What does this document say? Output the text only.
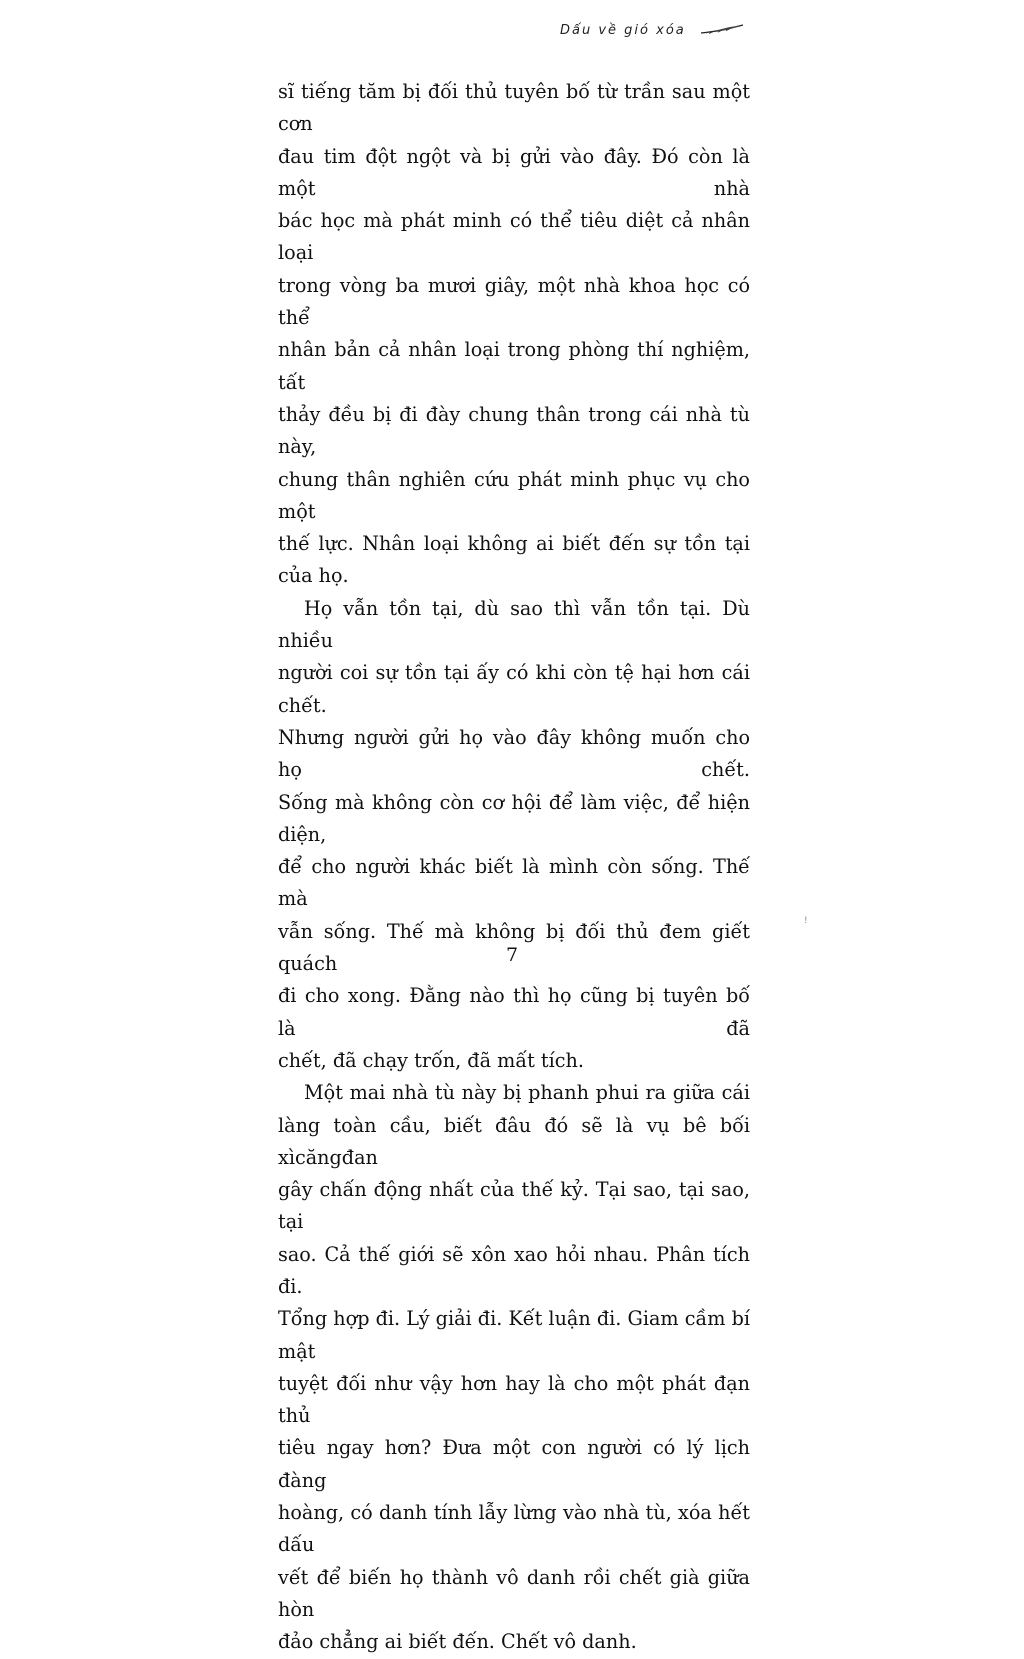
Dấu về gió xóa

sĩ tiếng tăm bị đối thủ tuyên bố từ trần sau một cơn

đau tim đột ngột và bị gửi vào đây. Đó còn là một nhà

bác học mà phát minh có thể tiêu diệt cả nhân loại

trong vòng ba mươi giây, một nhà khoa học có thể

nhân bản cả nhân loại trong phòng thí nghiệm, tất

thảy đều bị đi đày chung thân trong cái nhà tù này,

chung thân nghiên cứu phát minh phục vụ cho một

thế lực. Nhân loại không ai biết đến sự tồn tại của họ.

Họ vẫn tồn tại, dù sao thì vẫn tồn tại. Dù nhiều

người coi sự tồn tại ấy có khi còn tệ hại hơn cái chết.

Nhưng người gửi họ vào đây không muốn cho họ chết.

Sống mà không còn cơ hội để làm việc, để hiện diện,

để cho người khác biết là mình còn sống. Thế mà

vẫn sống. Thế mà không bị đối thủ đem giết quách

đi cho xong. Đằng nào thì họ cũng bị tuyên bố là đã

chết, đã chạy trốn, đã mất tích.

Một mai nhà tù này bị phanh phui ra giữa cái

làng toàn cầu, biết đâu đó sẽ là vụ bê bối xìcăngđan

gây chấn động nhất của thế kỷ. Tại sao, tại sao, tại

sao. Cả thế giới sẽ xôn xao hỏi nhau. Phân tích đi.

Tổng hợp đi. Lý giải đi. Kết luận đi. Giam cầm bí mật

tuyệt đối như vậy hơn hay là cho một phát đạn thủ

tiêu ngay hơn? Đưa một con người có lý lịch đàng

hoàng, có danh tính lẫy lừng vào nhà tù, xóa hết dấu

vết để biến họ thành vô danh rồi chết già giữa hòn

đảo chẳng ai biết đến. Chết vô danh.

!
7
